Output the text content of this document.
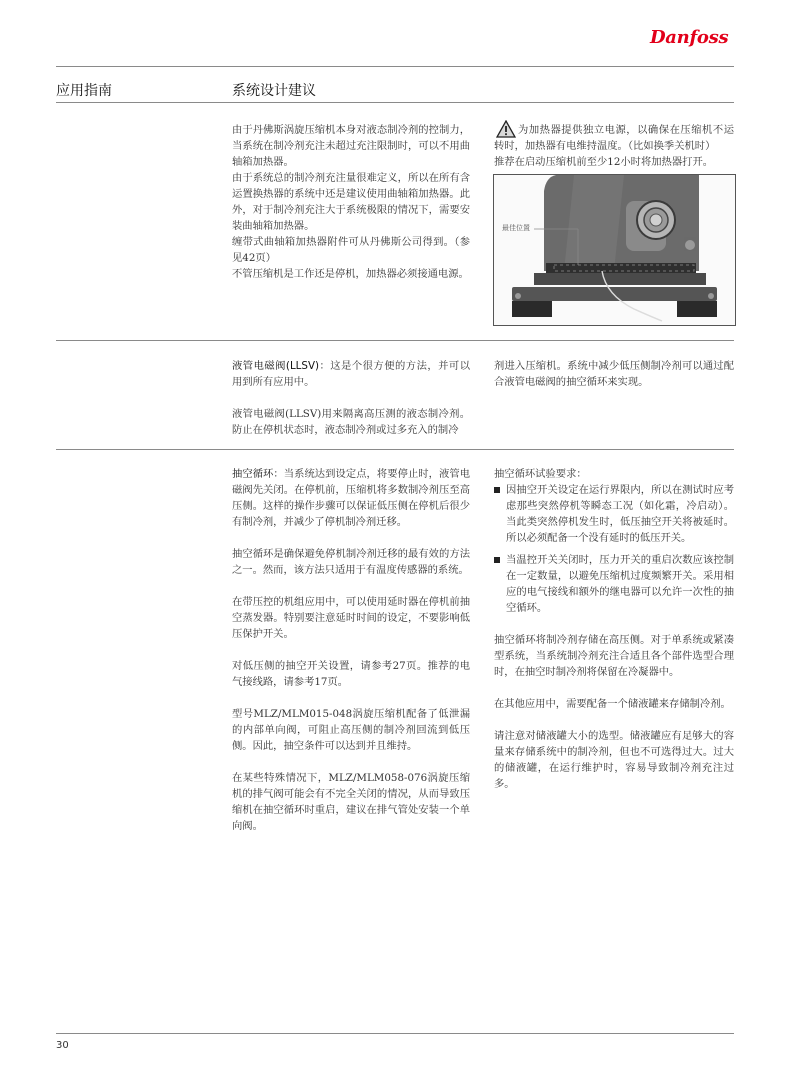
Danfoss
应用指南	系统设计建议

由于丹佛斯涡旋压缩机本身对液态制冷剂的控制力，当系统在制冷剂充注未超过充注限制时，可以不用曲轴箱加热器。

由于系统总的制冷剂充注量很难定义，所以在所有含运置换热器的系统中还是建议使用曲轴箱加热器。此外，对于制冷剂充注大于系统极限的情况下，需要安装曲轴箱加热器。

缠带式曲轴箱加热器附件可从丹佛斯公司得到。（参见42页）

不管压缩机是工作还是停机，加热器必须接通电源。

为加热器提供独立电源，以确保在压缩机不运转时，加热器有电维持温度。（比如换季关机时）

推荐在启动压缩机前至少12小时将加热器打开。

最佳位置

液管电磁阀(LLSV)：这是个很方便的方法，并可以用到所有应用中。

液管电磁阀(LLSV)用来隔离高压测的液态制冷剂。防止在停机状态时，液态制冷剂或过多充入的制冷

剂进入压缩机。系统中减少低压侧制冷剂可以通过配合液管电磁阀的抽空循环来实现。

抽空循环：当系统达到设定点，将要停止时，液管电磁阀先关闭。在停机前，压缩机将多数制冷剂压至高压侧。这样的操作步骤可以保证低压侧在停机后很少有制冷剂，并减少了停机制冷剂迁移。

抽空循环是确保避免停机制冷剂迁移的最有效的方法之一。然而，该方法只适用于有温度传感器的系统。

在带压控的机组应用中，可以使用延时器在停机前抽空蒸发器。特别要注意延时时间的设定，不要影响低压保护开关。

对低压侧的抽空开关设置，请参考27页。推荐的电气接线路，请参考17页。

型号MLZ/MLM015-048涡旋压缩机配备了低泄漏的内部单向阀，可阻止高压侧的制冷剂回流到低压侧。因此，抽空条件可以达到并且维持。

在某些特殊情况下，MLZ/MLM058-076涡旋压缩机的排气阀可能会有不完全关闭的情况，从而导致压缩机在抽空循环时重启，建议在排气管处安装一个单向阀。

抽空循环试验要求：

因抽空开关设定在运行界限内，所以在测试时应考虑那些突然停机等瞬态工况（如化霜，冷启动）。当此类突然停机发生时，低压抽空开关将被延时。所以必须配备一个没有延时的低压开关。
当温控开关关闭时，压力开关的重启次数应该控制在一定数量，以避免压缩机过度频繁开关。采用相应的电气接线和额外的继电器可以允许一次性的抽空循环。

抽空循环将制冷剂存储在高压侧。对于单系统或紧凑型系统，当系统制冷剂充注合适且各个部件选型合理时，在抽空时制冷剂将保留在冷凝器中。

在其他应用中，需要配备一个储液罐来存储制冷剂。

请注意对储液罐大小的选型。储液罐应有足够大的容量来存储系统中的制冷剂，但也不可选得过大。过大的储液罐，在运行维护时，容易导致制冷剂充注过多。

30
